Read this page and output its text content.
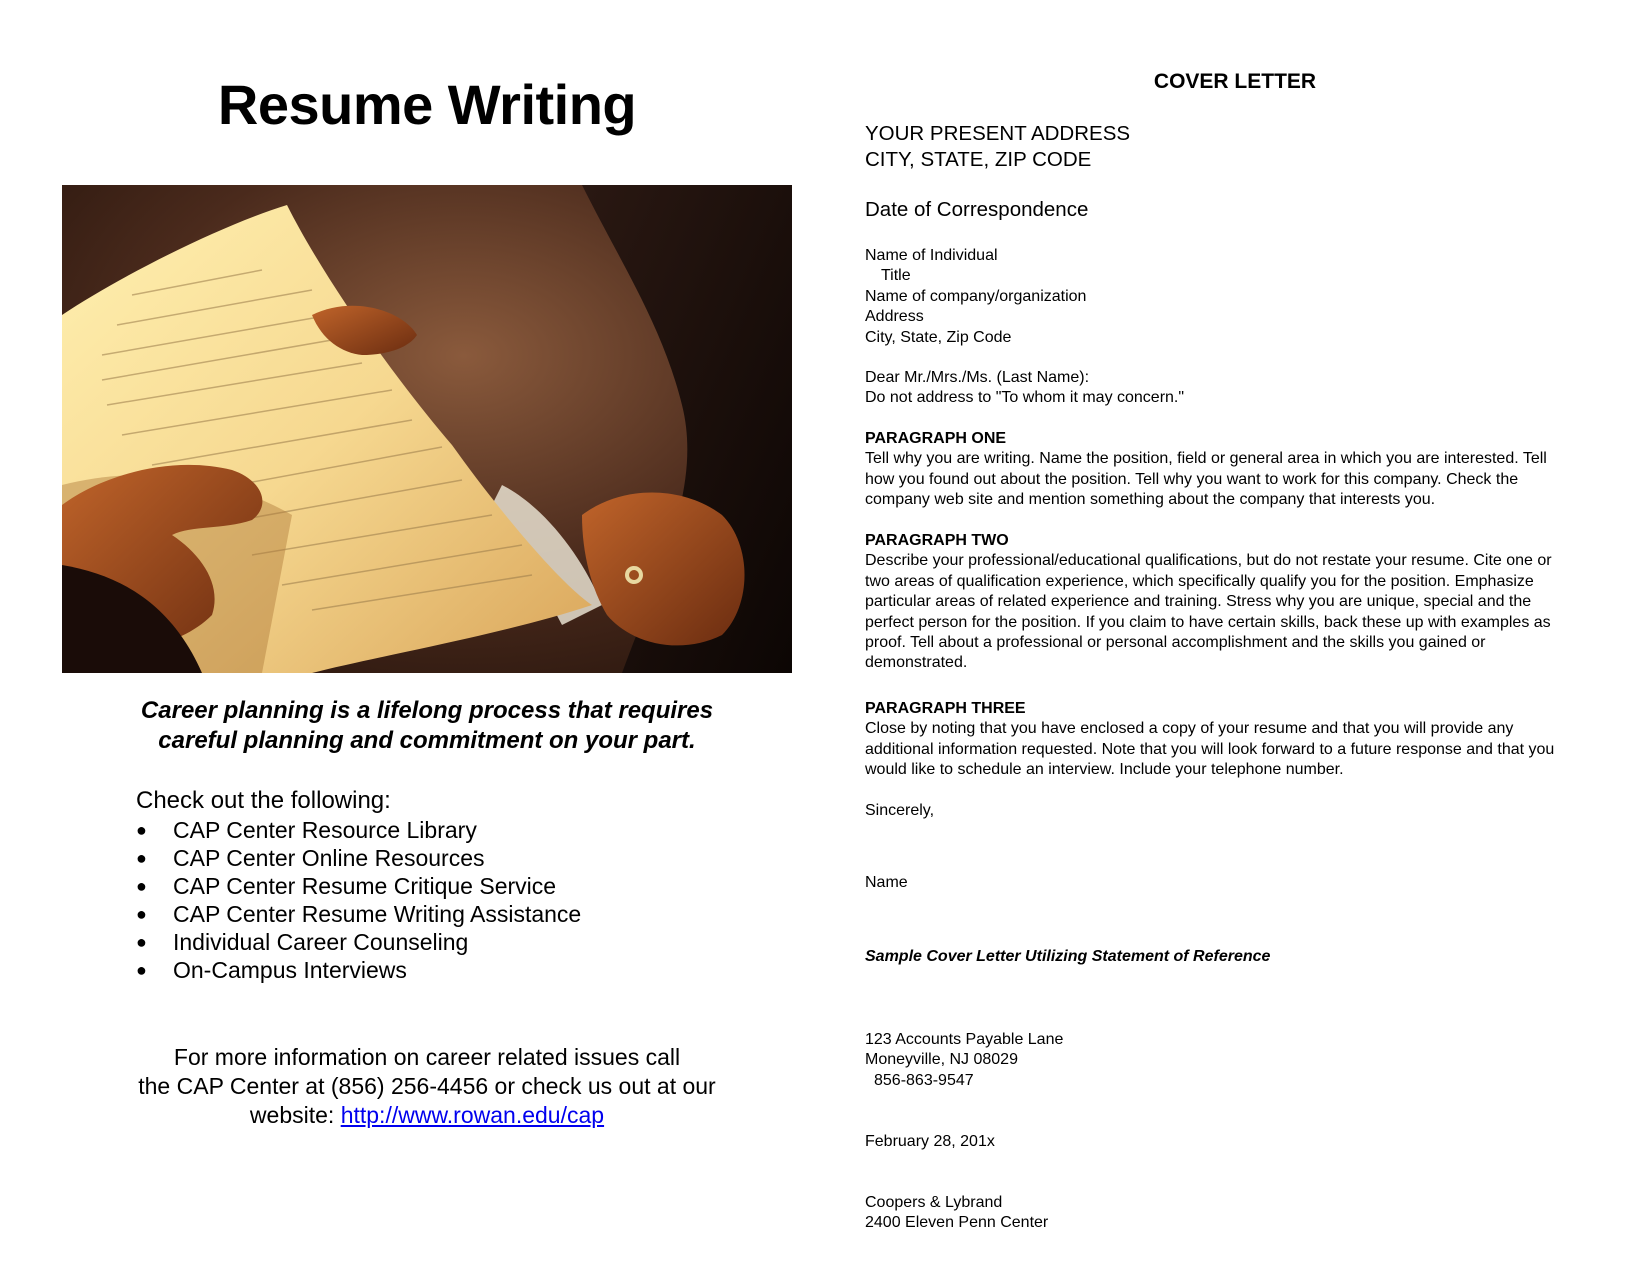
Resume Writing
Career planning is a lifelong process that requires
careful planning and commitment on your part.
Check out the following:
●	CAP Center Resource Library
●	CAP Center Online Resources
●	CAP Center Resume Critique Service
●	CAP Center Resume Writing Assistance
●	Individual Career Counseling
●	On-Campus Interviews
For more information on career related issues call
the CAP Center at (856) 256-4456 or check us out at our
website: http://www.rowan.edu/cap
COVER LETTER
YOUR PRESENT ADDRESS
CITY, STATE, ZIP CODE
Date of Correspondence
Name of Individual
Title
Name of company/organization
Address
City, State, Zip Code
Dear Mr./Mrs./Ms. (Last Name):
Do not address to "To whom it may concern."
PARAGRAPH ONE
Tell why you are writing. Name the position, field or general area in which you are interested. Tell
how you found out about the position. Tell why you want to work for this company. Check the
company web site and mention something about the company that interests you.
PARAGRAPH TWO
Describe your professional/educational qualifications, but do not restate your resume. Cite one or
two areas of qualification experience, which specifically qualify you for the position. Emphasize
particular areas of related experience and training. Stress why you are unique, special and the
perfect person for the position. If you claim to have certain skills, back these up with examples as
proof. Tell about a professional or personal accomplishment and the skills you gained or
demonstrated.
PARAGRAPH THREE
Close by noting that you have enclosed a copy of your resume and that you will provide any
additional information requested. Note that you will look forward to a future response and that you
would like to schedule an interview. Include your telephone number.
Sincerely,
Name
Sample Cover Letter Utilizing Statement of Reference
123 Accounts Payable Lane
Moneyville, NJ 08029
856-863-9547
February 28, 201x
Coopers & Lybrand
2400 Eleven Penn Center
